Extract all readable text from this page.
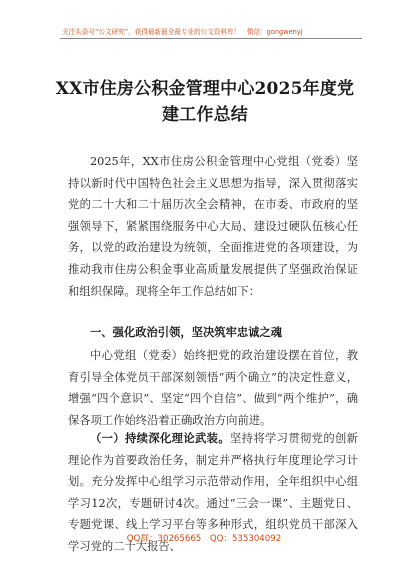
关注头条号“公文研究”，获得最新最全最专业的公文资料库！　微信：gongwenyj
XX市住房公积金管理中心2025年度党建工作总结

2025年，XX市住房公积金管理中心党组（党委）坚持以新时代中国特色社会主义思想为指导，深入贯彻落实党的二十大和二十届历次全会精神，在市委、市政府的坚强领导下，紧紧围绕服务中心大局、建设过硬队伍核心任务，以党的政治建设为统领，全面推进党的各项建设，为推动我市住房公积金事业高质量发展提供了坚强政治保证和组织保障。现将全年工作总结如下：

一、强化政治引领，坚决筑牢忠诚之魂

中心党组（党委）始终把党的政治建设摆在首位，教育引导全体党员干部深刻领悟“两个确立”的决定性意义，增强“四个意识”、坚定“四个自信”、做到“两个维护”，确保各项工作始终沿着正确政治方向前进。

（一）持续深化理论武装。坚持将学习贯彻党的创新理论作为首要政治任务，制定并严格执行年度理论学习计划。充分发挥中心组学习示范带动作用，全年组织中心组学习12次，专题研讨4次。通过“三会一课”、主题党日、专题党课、线上学习平台等多种形式，组织党员干部深入学习党的二十大报告、

QQ群：30265665　QQ：535304092
